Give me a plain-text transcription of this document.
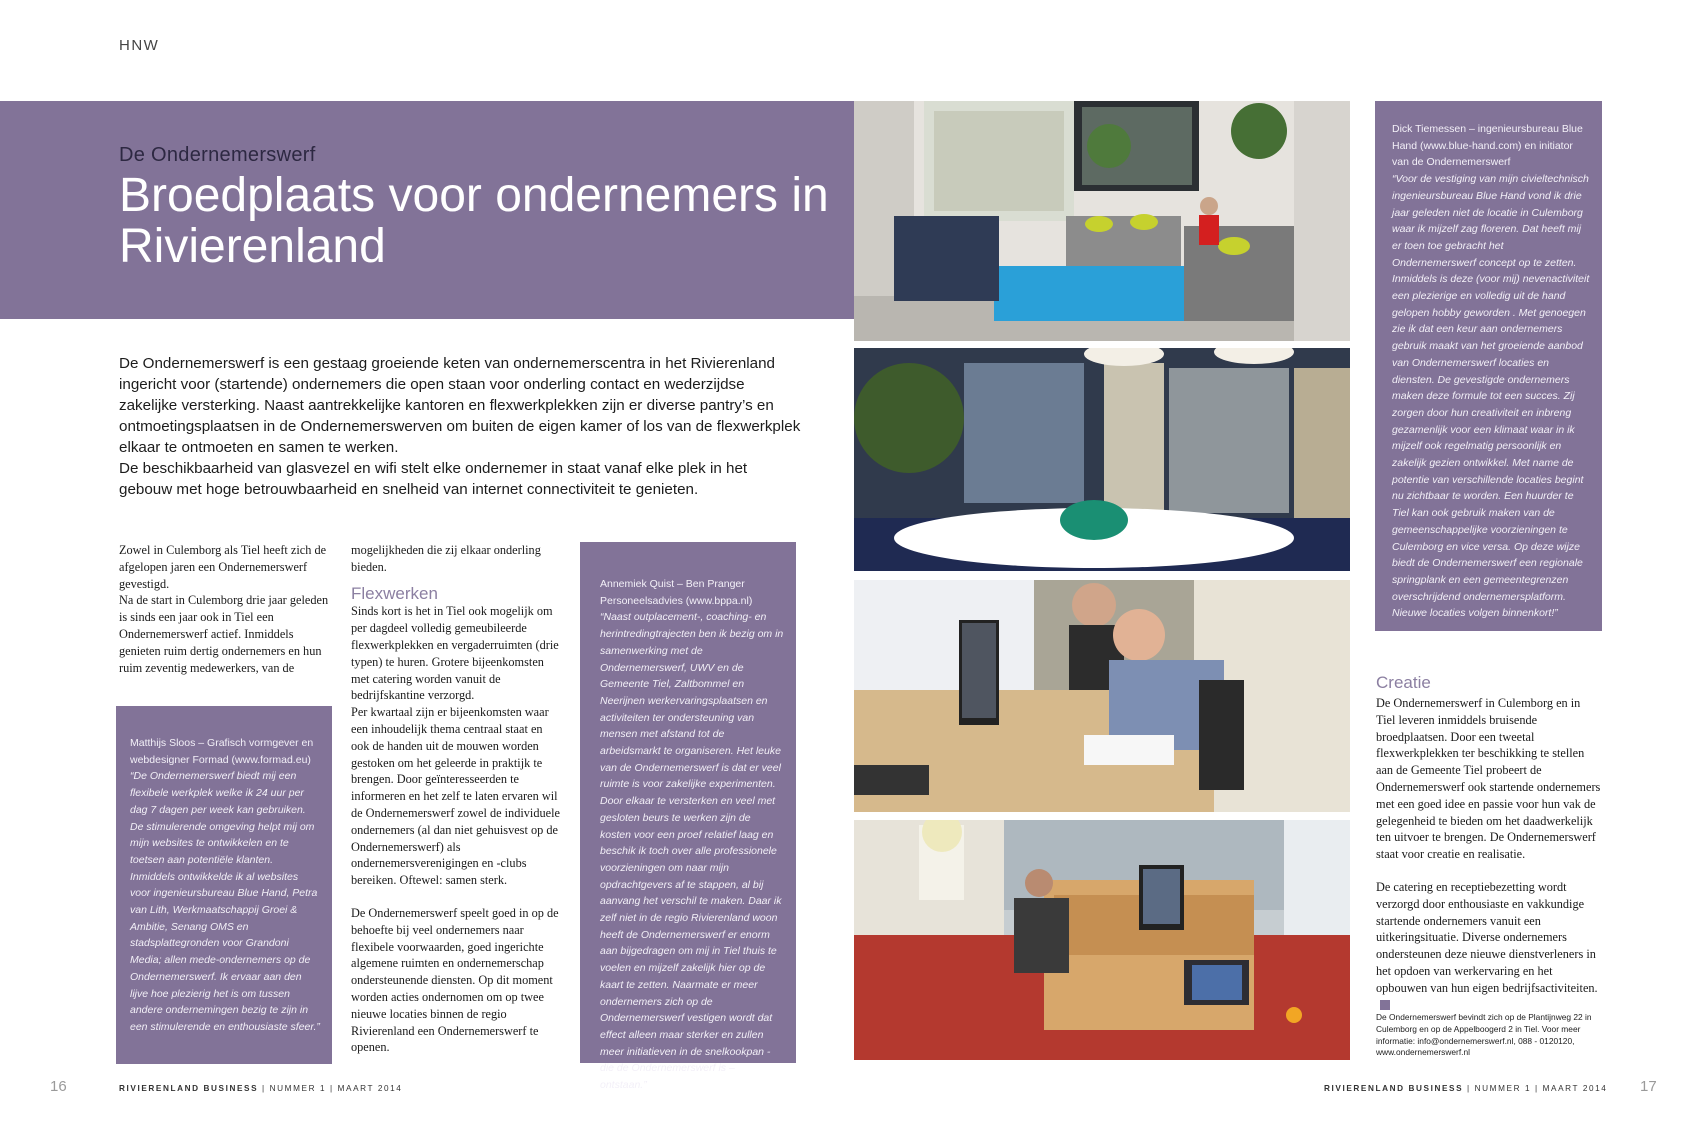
HNW
De Ondernemerswerf
Broedplaats voor ondernemers in Rivierenland

De Ondernemerswerf is een gestaag groeiende keten van ondernemerscentra in het Rivierenland ingericht voor (startende) ondernemers die open staan voor onderling contact en wederzijdse zakelijke versterking. Naast aantrekkelijke kantoren en flexwerkplekken zijn er diverse pantry’s en ontmoetingsplaatsen in de Ondernemerswerven om buiten de eigen kamer of los van de flexwerkplek elkaar te ontmoeten en samen te werken.

De beschikbaarheid van glasvezel en wifi stelt elke ondernemer in staat vanaf elke plek in het gebouw met hoge betrouwbaarheid en snelheid van internet connectiviteit te genieten.

Zowel in Culemborg als Tiel heeft zich de afgelopen jaren een Ondernemerswerf gevestigd.

Na de start in Culemborg drie jaar geleden is sinds een jaar ook in Tiel een Ondernemerswerf actief. Inmiddels genieten ruim dertig ondernemers en hun ruim zeventig medewerkers, van de

Matthijs Sloos – Grafisch vormgever en webdesigner Formad (www.formad.eu)

“De Ondernemerswerf biedt mij een flexibele werkplek welke ik 24 uur per dag 7 dagen per week kan gebruiken. De stimulerende omgeving helpt mij om mijn websites te ontwikkelen en te toetsen aan potentiële klanten. Inmiddels ontwikkelde ik al websites voor ingenieursbureau Blue Hand, Petra van Lith, Werkmaatschappij Groei & Ambitie, Senang OMS en stadsplattegronden voor Grandoni Media; allen mede-ondernemers op de Ondernemerswerf. Ik ervaar aan den lijve hoe plezierig het is om tussen andere ondernemingen bezig te zijn in een stimulerende en enthousiaste sfeer.”

mogelijkheden die zij elkaar onderling bieden.

Flexwerken

Sinds kort is het in Tiel ook mogelijk om per dagdeel volledig gemeubileerde flexwerkplekken en vergaderruimten (drie typen) te huren. Grotere bijeenkomsten met catering worden vanuit de bedrijfskantine verzorgd.

Per kwartaal zijn er bijeenkomsten waar een inhoudelijk thema centraal staat en ook de handen uit de mouwen worden gestoken om het geleerde in praktijk te brengen. Door geïnteresseerden te informeren en het zelf te laten ervaren wil de Ondernemerswerf zowel de individuele ondernemers (al dan niet gehuisvest op de Ondernemerswerf) als ondernemersverenigingen en -clubs bereiken. Oftewel: samen sterk.

De Ondernemerswerf speelt goed in op de behoefte bij veel ondernemers naar flexibele voorwaarden, goed ingerichte algemene ruimten en ondernemerschap ondersteunende diensten. Op dit moment worden acties ondernomen om op twee nieuwe locaties binnen de regio Rivierenland een Ondernemerswerf te openen.

Annemiek Quist – Ben Pranger Personeelsadvies (www.bppa.nl)

“Naast outplacement-, coaching- en herintredingtrajecten ben ik bezig om in samenwerking met de Ondernemerswerf, UWV en de Gemeente Tiel, Zaltbommel en Neerijnen werkervaringsplaatsen en activiteiten ter ondersteuning van mensen met afstand tot de arbeidsmarkt te organiseren. Het leuke van de Ondernemerswerf is dat er veel ruimte is voor zakelijke experimenten. Door elkaar te versterken en veel met gesloten beurs te werken zijn de kosten voor een proef relatief laag en beschik ik toch over alle professionele voorzieningen om naar mijn opdrachtgevers af te stappen, al bij aanvang het verschil te maken. Daar ik zelf niet in de regio Rivierenland woon heeft de Ondernemerswerf er enorm aan bijgedragen om mij in Tiel thuis te voelen en mijzelf zakelijk hier op de kaart te zetten. Naarmate er meer ondernemers zich op de Ondernemerswerf vestigen wordt dat effect alleen maar sterker en zullen meer initiatieven in de snelkookpan - die de Ondernemerswerf is – ontstaan.”

Dick Tiemessen – ingenieursbureau Blue Hand (www.blue-hand.com) en initiator van de Ondernemerswerf

“Voor de vestiging van mijn civieltechnisch ingenieursbureau Blue Hand vond ik drie jaar geleden niet de locatie in Culemborg waar ik mijzelf zag floreren. Dat heeft mij er toen toe gebracht het Ondernemerswerf concept op te zetten. Inmiddels is deze (voor mij) nevenactiviteit een plezierige en volledig uit de hand gelopen hobby geworden . Met genoegen zie ik dat een keur aan ondernemers gebruik maakt van het groeiende aanbod van Ondernemerswerf locaties en diensten. De gevestigde ondernemers maken deze formule tot een succes. Zij zorgen door hun creativiteit en inbreng gezamenlijk voor een klimaat waar in ik mijzelf ook regelmatig persoonlijk en zakelijk gezien ontwikkel. Met name de potentie van verschillende locaties begint nu zichtbaar te worden. Een huurder te Tiel kan ook gebruik maken van de gemeenschappelijke voorzieningen te Culemborg en vice versa. Op deze wijze biedt de Ondernemerswerf een regionale springplank en een gemeentegrenzen overschrijdend ondernemersplatform. Nieuwe locaties volgen binnenkort!”

Creatie

De Ondernemerswerf in Culemborg en in Tiel leveren inmiddels bruisende broedplaatsen. Door een tweetal flexwerkplekken ter beschikking te stellen aan de Gemeente Tiel probeert de Ondernemerswerf ook startende ondernemers met een goed idee en passie voor hun vak de gelegenheid te bieden om het daadwerkelijk ten uitvoer te brengen. De Ondernemerswerf staat voor creatie en realisatie.

De catering en receptiebezetting wordt verzorgd door enthousiaste en vakkundige startende ondernemers vanuit een uitkeringsituatie. Diverse ondernemers ondersteunen deze nieuwe dienstverleners in het opdoen van werkervaring en het opbouwen van hun eigen bedrijfsactiviteiten.

De Ondernemerswerf bevindt zich op de Plantijnweg 22 in Culemborg en op de Appelboogerd 2 in Tiel. Voor meer informatie: info@ondernemerswerf.nl, 088 - 0120120, www.ondernemerswerf.nl
RIVIERENLAND BUSINESS | NUMMER 1 | MAART 2014	RIVIERENLAND BUSINESS | NUMMER 1 | MAART 2014
16	17
